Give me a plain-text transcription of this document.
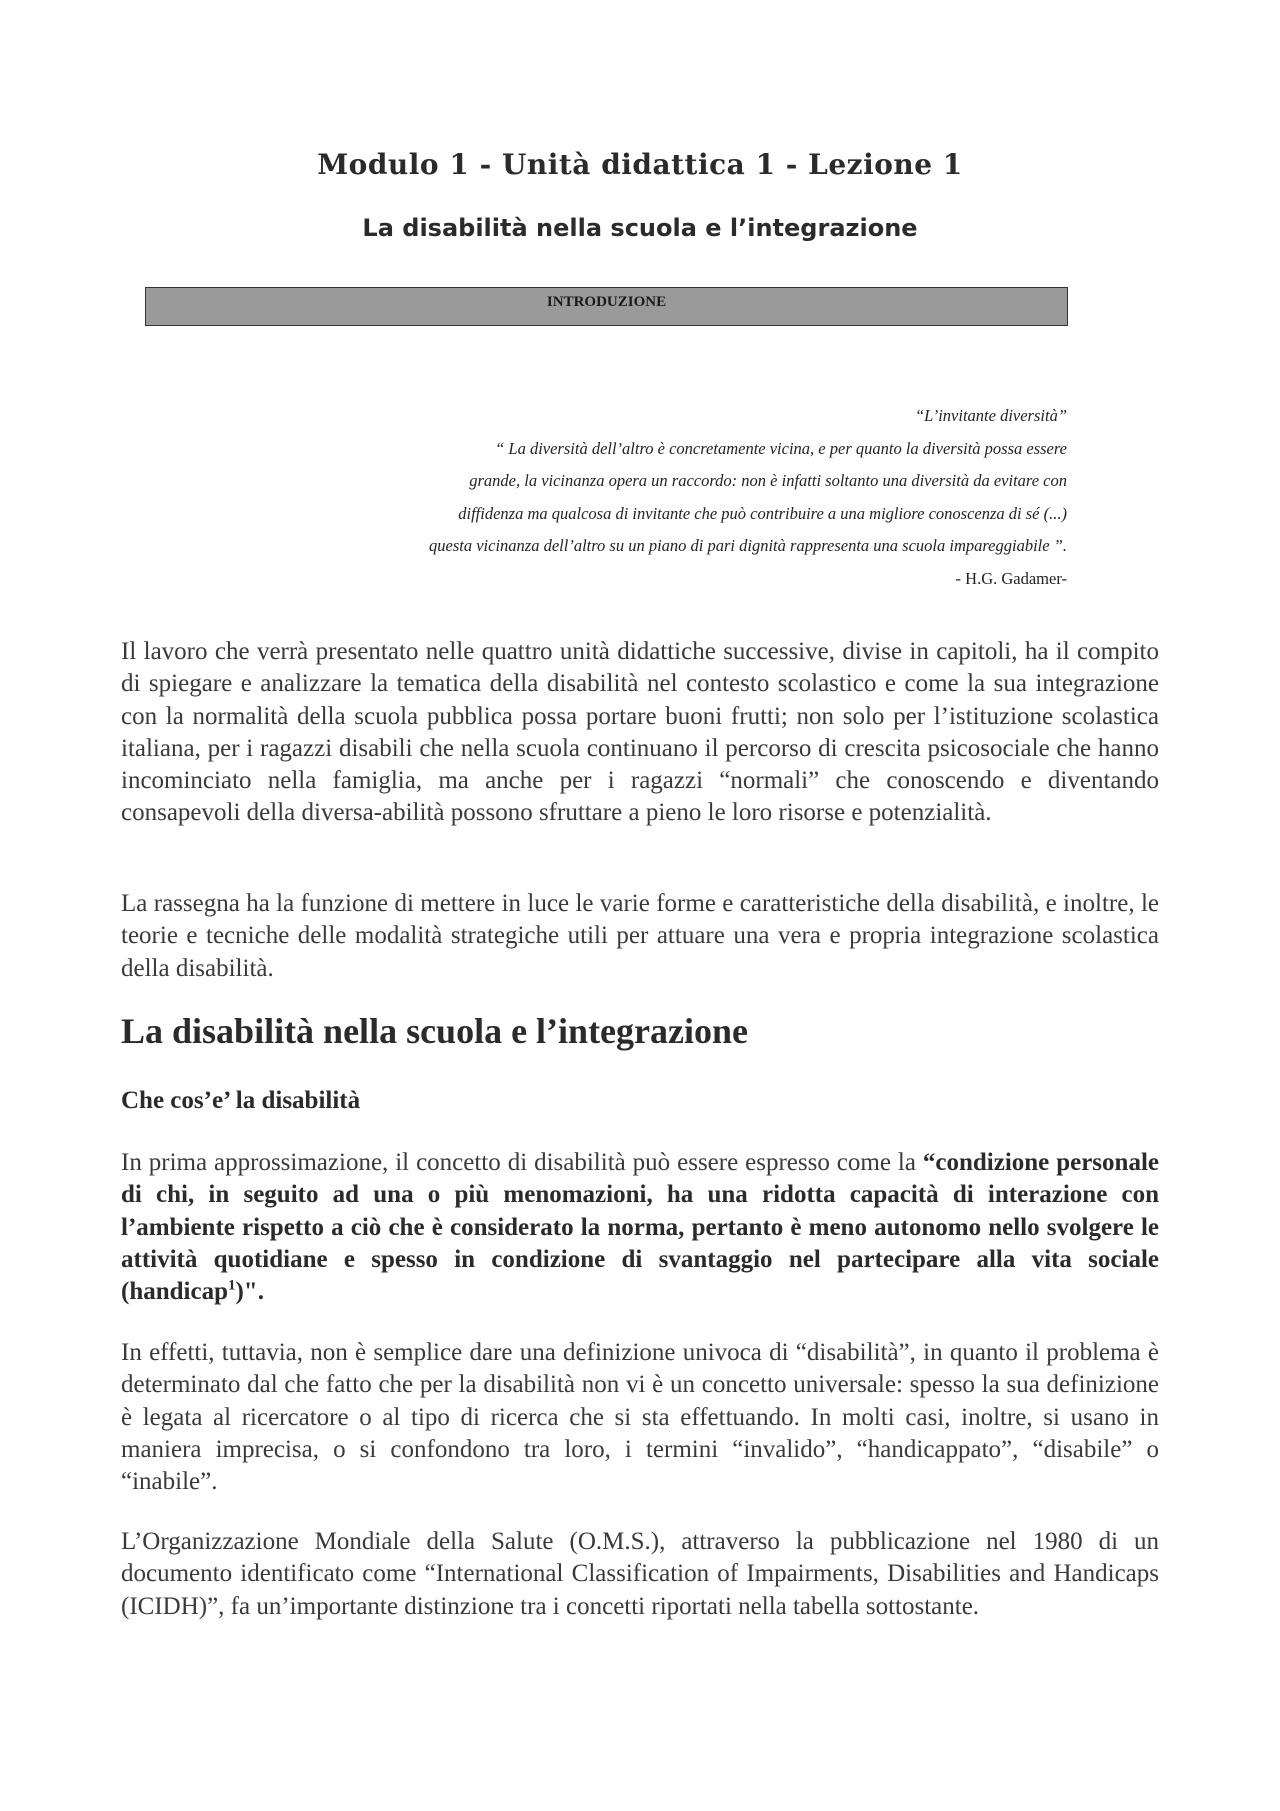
Modulo 1 - Unità didattica 1 - Lezione 1
La disabilità nella scuola e l’integrazione
INTRODUZIONE
“L’invitante diversità”
“ La diversità dell’altro è concretamente vicina, e per quanto la diversità possa essere
grande, la vicinanza opera un raccordo: non è infatti soltanto una diversità da evitare con
diffidenza ma qualcosa di invitante che può contribuire a una migliore conoscenza di sé (...)
questa vicinanza dell’altro su un piano di pari dignità rappresenta una scuola impareggiabile ”.
- H.G. Gadamer-
Il lavoro che verrà presentato nelle quattro unità didattiche successive, divise in capitoli, ha il compito di spiegare e analizzare la tematica della disabilità nel contesto scolastico e come la sua integrazione con la normalità della scuola pubblica possa portare buoni frutti; non solo per l’istituzione scolastica italiana, per i ragazzi disabili che nella scuola continuano il percorso di crescita psicosociale che hanno incominciato nella famiglia, ma anche per i ragazzi “normali” che conoscendo e diventando consapevoli della diversa-abilità possono sfruttare a pieno le loro risorse e potenzialità.
La rassegna ha la funzione di mettere in luce le varie forme e caratteristiche della disabilità, e inoltre, le teorie e tecniche delle modalità strategiche utili per attuare una vera e propria integrazione scolastica della disabilità.
La disabilità nella scuola e l’integrazione
Che cos’e’ la disabilità
In prima approssimazione, il concetto di disabilità può essere espresso come la “condizione personale di chi, in seguito ad una o più menomazioni, ha una ridotta capacità di interazione con l’ambiente rispetto a ciò che è considerato la norma, pertanto è meno autonomo nello svolgere le attività quotidiane e spesso in condizione di svantaggio nel partecipare alla vita sociale (handicap$^1$)".
In effetti, tuttavia, non è semplice dare una definizione univoca di “disabilità”, in quanto il problema è determinato dal che fatto che per la disabilità non vi è un concetto universale: spesso la sua definizione è legata al ricercatore o al tipo di ricerca che si sta effettuando. In molti casi, inoltre, si usano in maniera imprecisa, o si confondono tra loro, i termini “invalido”, “handicappato”, “disabile” o “inabile”.
L’Organizzazione Mondiale della Salute (O.M.S.), attraverso la pubblicazione nel 1980 di un documento identificato come “International Classification of Impairments, Disabilities and Handicaps (ICIDH)”, fa un’importante distinzione tra i concetti riportati nella tabella sottostante.
